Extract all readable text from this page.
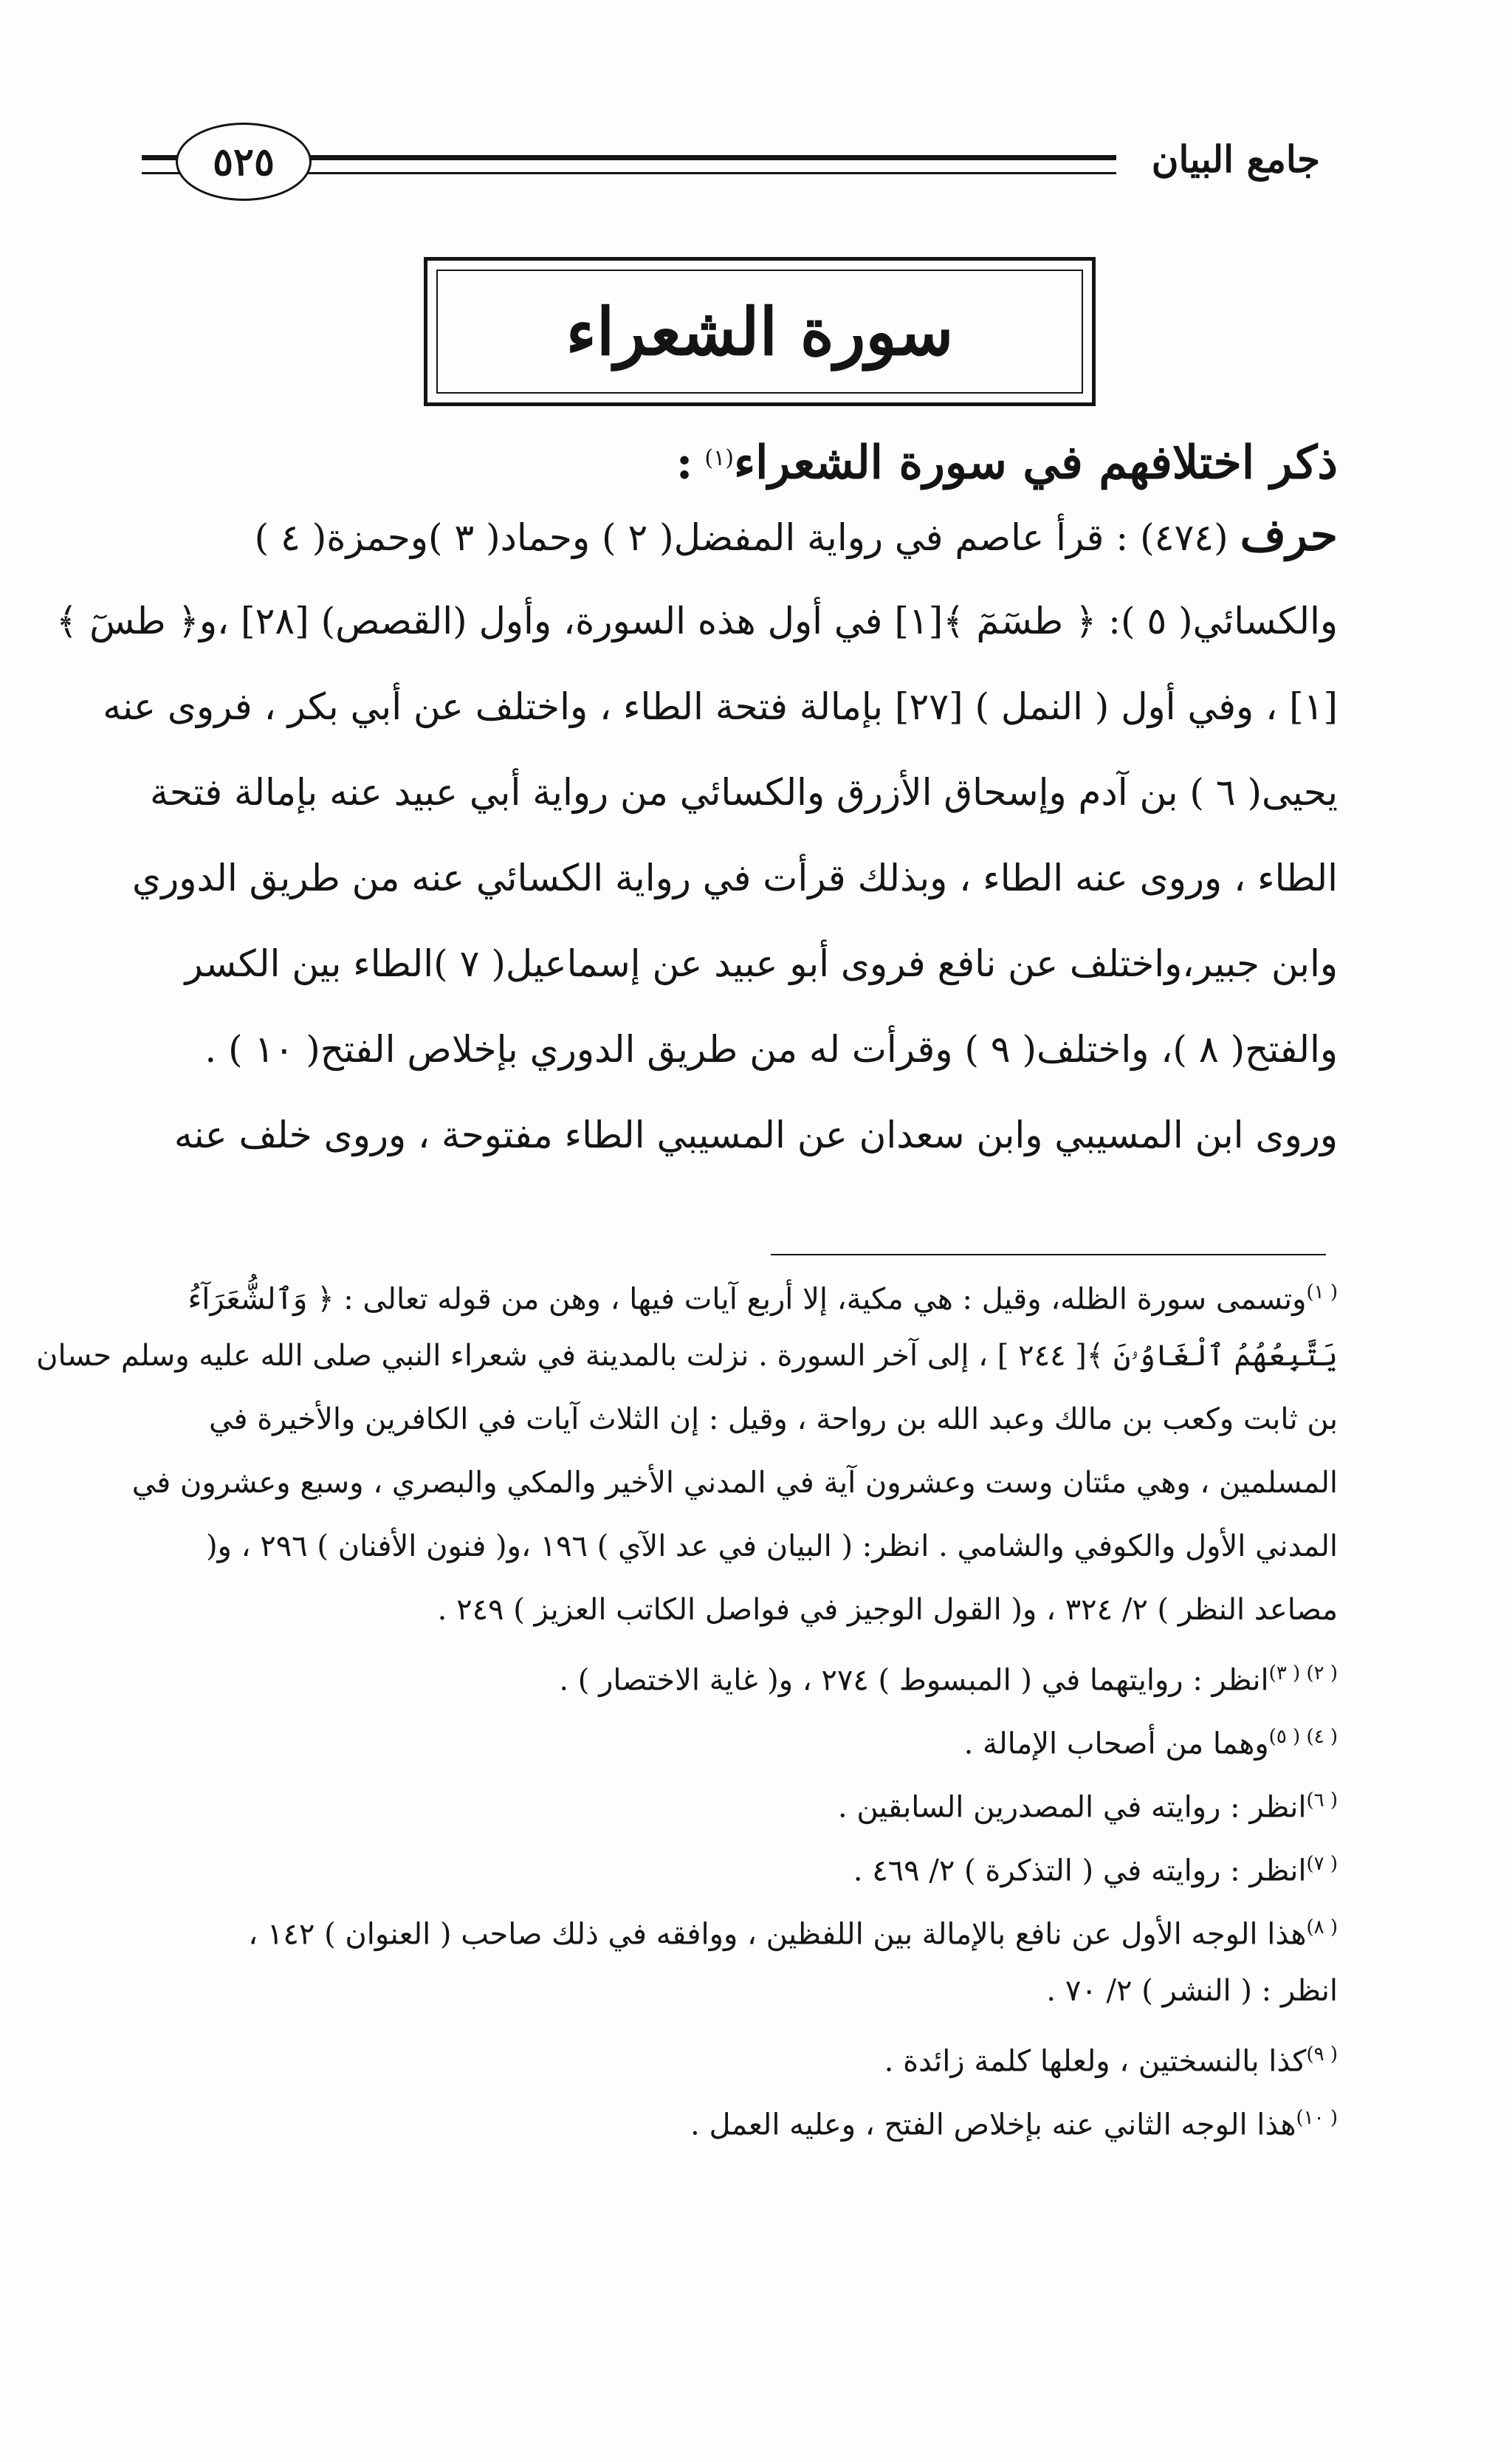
٥٢٥	جامع البيان
سورة الشعراء
ذكر اختلافهم في سورة الشعراء$^{(١)}$ :
حرف (٤٧٤) : قرأ عاصم في رواية المفضل( ٢ ) وحماد( ٣ )وحمزة( ٤ )
والكسائي( ٥ ): ﴿ طسٓمٓ ﴾[١] في أول هذه السورة، وأول (القصص) [٢٨] ،و﴿ طسٓ ﴾
[١] ، وفي أول ( النمل ) [٢٧] بإمالة فتحة الطاء ، واختلف عن أبي بكر ، فروى عنه
يحيى( ٦ ) بن آدم وإسحاق الأزرق والكسائي من رواية أبي عبيد عنه بإمالة فتحة
الطاء ، وروى عنه الطاء ، وبذلك قرأت في رواية الكسائي عنه من طريق الدوري
وابن جبير،واختلف عن نافع فروى أبو عبيد عن إسماعيل( ٧ )الطاء بين الكسر
والفتح( ٨ )، واختلف( ٩ ) وقرأت له من طريق الدوري بإخلاص الفتح( ١٠ ) .
وروى ابن المسيبي وابن سعدان عن المسيبي الطاء مفتوحة ، وروى خلف عنه
$^{( ١)}$وتسمى سورة الظله، وقيل : هي مكية، إلا أربع آيات فيها ، وهن من قوله تعالى : ﴿ وَٱلشُّعَرَآءُ
يَتَّبِعُهُمُ ٱلْغَاوُۥنَ ﴾[ ٢٤٤ ] ، إلى آخر السورة . نزلت بالمدينة في شعراء النبي صلى الله عليه وسلم حسان
بن ثابت وكعب بن مالك وعبد الله بن رواحة ، وقيل : إن الثلاث آيات في الكافرين والأخيرة في
المسلمين ، وهي مئتان وست وعشرون آية في المدني الأخير والمكي والبصري ، وسبع وعشرون في
المدني الأول والكوفي والشامي . انظر: ( البيان في عد الآي ) ١٩٦ ،و( فنون الأفنان ) ٢٩٦ ، و(
مصاعد النظر ) ٢/ ٣٢٤ ، و( القول الوجيز في فواصل الكاتب العزيز ) ٢٤٩ .
$^{( ٢) ( ٣)}$انظر : روايتهما في ( المبسوط ) ٢٧٤ ، و( غاية الاختصار ) .
$^{( ٤) ( ٥)}$وهما من أصحاب الإمالة .
$^{( ٦)}$انظر : روايته في المصدرين السابقين .
$^{( ٧)}$انظر : روايته في ( التذكرة ) ٢/ ٤٦٩ .
$^{( ٨)}$هذا الوجه الأول عن نافع بالإمالة بين اللفظين ، ووافقه في ذلك صاحب ( العنوان ) ١٤٢ ،
انظر : ( النشر ) ٢/ ٧٠ .
$^{( ٩)}$كذا بالنسختين ، ولعلها كلمة زائدة .
$^{( ١٠)}$هذا الوجه الثاني عنه بإخلاص الفتح ، وعليه العمل .
